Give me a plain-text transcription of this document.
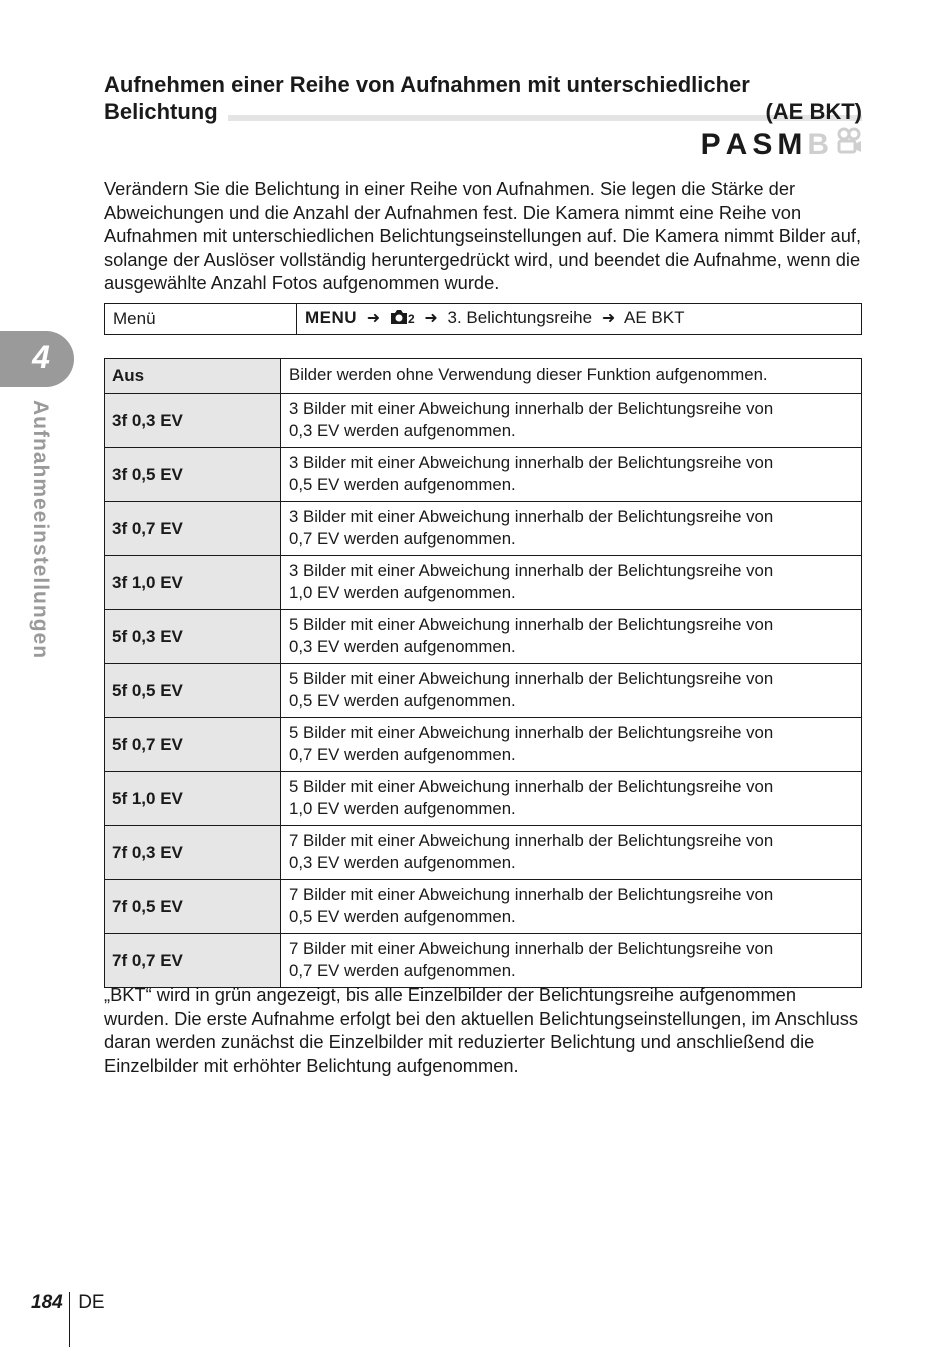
4
Aufnahmeeinstellungen
Aufnehmen einer Reihe von Aufnahmen mit unterschiedlicher
Belichtung	(AE BKT)
P A S M B

Verändern Sie die Belichtung in einer Reihe von Aufnahmen. Sie legen die Stärke der Abweichungen und die Anzahl der Aufnahmen fest. Die Kamera nimmt eine Reihe von Aufnahmen mit unterschiedlichen Belichtungseinstellungen auf. Die Kamera nimmt Bilder auf, solange der Auslöser vollständig heruntergedrückt wird, und beendet die Aufnahme, wenn die ausgewählte Anzahl Fotos aufgenommen wurde.

Menü	MENU ➜ 2 ➜ 3. Belichtungsreihe ➜ AE BKT
Aus	Bilder werden ohne Verwendung dieser Funktion aufgenommen.
3f 0,3 EV	3 Bilder mit einer Abweichung innerhalb der Belichtungsreihe von
0,3 EV werden aufgenommen.
3f 0,5 EV	3 Bilder mit einer Abweichung innerhalb der Belichtungsreihe von
0,5 EV werden aufgenommen.
3f 0,7 EV	3 Bilder mit einer Abweichung innerhalb der Belichtungsreihe von
0,7 EV werden aufgenommen.
3f 1,0 EV	3 Bilder mit einer Abweichung innerhalb der Belichtungsreihe von
1,0 EV werden aufgenommen.
5f 0,3 EV	5 Bilder mit einer Abweichung innerhalb der Belichtungsreihe von
0,3 EV werden aufgenommen.
5f 0,5 EV	5 Bilder mit einer Abweichung innerhalb der Belichtungsreihe von
0,5 EV werden aufgenommen.
5f 0,7 EV	5 Bilder mit einer Abweichung innerhalb der Belichtungsreihe von
0,7 EV werden aufgenommen.
5f 1,0 EV	5 Bilder mit einer Abweichung innerhalb der Belichtungsreihe von
1,0 EV werden aufgenommen.
7f 0,3 EV	7 Bilder mit einer Abweichung innerhalb der Belichtungsreihe von
0,3 EV werden aufgenommen.
7f 0,5 EV	7 Bilder mit einer Abweichung innerhalb der Belichtungsreihe von
0,5 EV werden aufgenommen.
7f 0,7 EV	7 Bilder mit einer Abweichung innerhalb der Belichtungsreihe von
0,7 EV werden aufgenommen.

„BKT“ wird in grün angezeigt, bis alle Einzelbilder der Belichtungsreihe aufgenommen wurden. Die erste Aufnahme erfolgt bei den aktuellen Belichtungseinstellungen, im Anschluss daran werden zunächst die Einzelbilder mit reduzierter Belichtung und anschließend die Einzelbilder mit erhöhter Belichtung aufgenommen.

184 DE
